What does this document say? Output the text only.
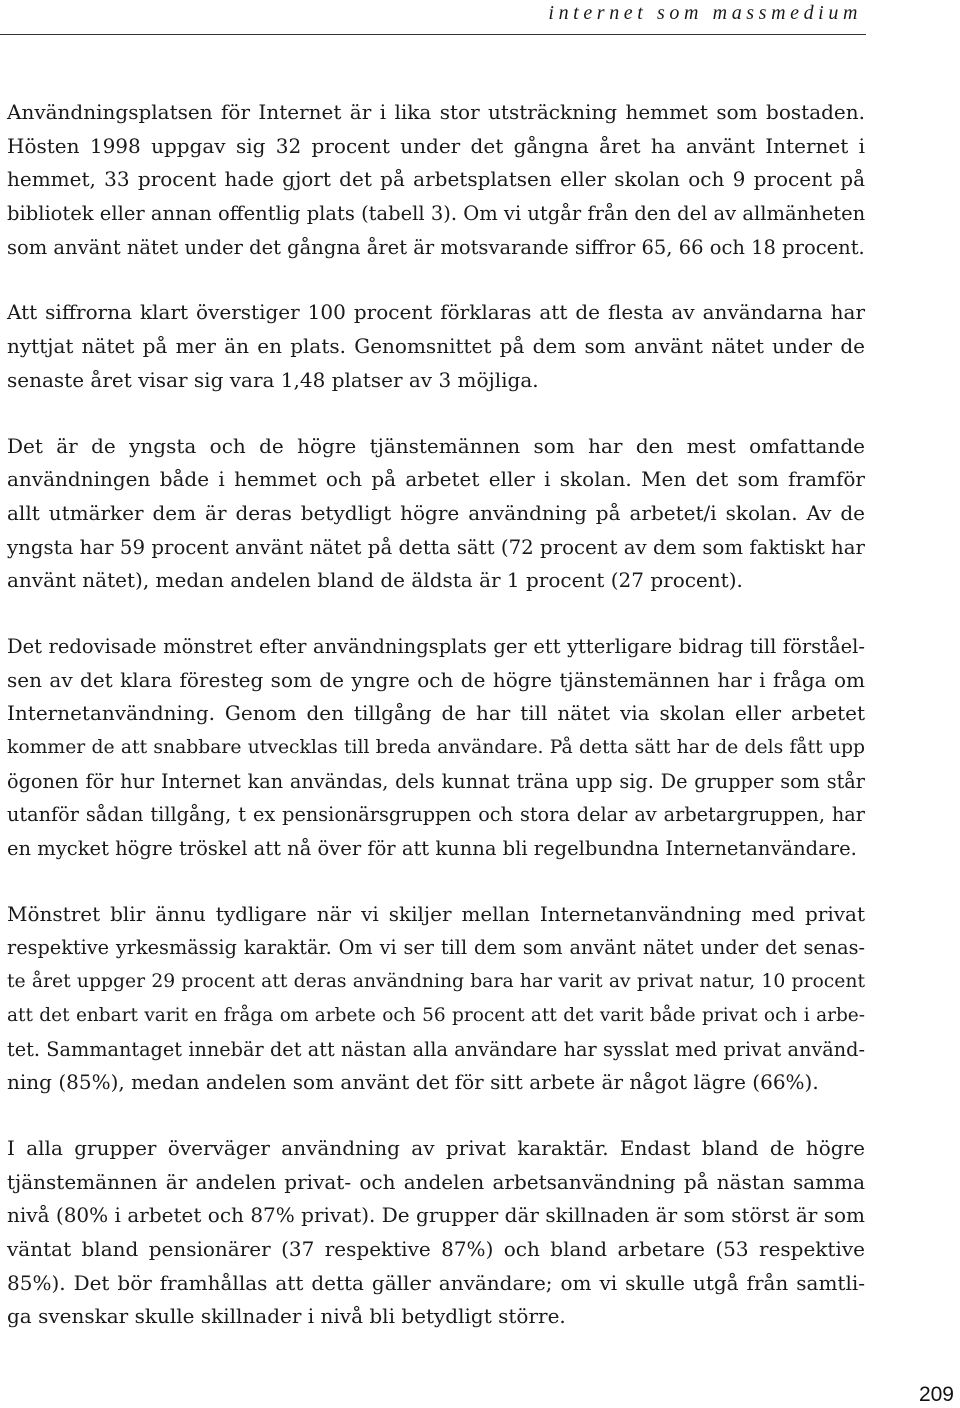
internet som massmedium

Användningsplatsen för Internet är i lika stor utsträckning hemmet som bostaden.
Hösten 1998 uppgav sig 32 procent under det gångna året ha använt Internet i
hemmet, 33 procent hade gjort det på arbetsplatsen eller skolan och 9 procent på
bibliotek eller annan offentlig plats (tabell 3). Om vi utgår från den del av allmänheten
som använt nätet under det gångna året är motsvarande siffror 65, 66 och 18 procent.

Att siffrorna klart överstiger 100 procent förklaras att de flesta av användarna har
nyttjat nätet på mer än en plats. Genomsnittet på dem som använt nätet under de
senaste året visar sig vara 1,48 platser av 3 möjliga.

Det är de yngsta och de högre tjänstemännen som har den mest omfattande
användningen både i hemmet och på arbetet eller i skolan. Men det som framför
allt utmärker dem är deras betydligt högre användning på arbetet/i skolan. Av de
yngsta har 59 procent använt nätet på detta sätt (72 procent av dem som faktiskt har
använt nätet), medan andelen bland de äldsta är 1 procent (27 procent).

Det redovisade mönstret efter användningsplats ger ett ytterligare bidrag till förståel-
sen av det klara föresteg som de yngre och de högre tjänstemännen har i fråga om
Internetanvändning. Genom den tillgång de har till nätet via skolan eller arbetet
kommer de att snabbare utvecklas till breda användare. På detta sätt har de dels fått upp
ögonen för hur Internet kan användas, dels kunnat träna upp sig. De grupper som står
utanför sådan tillgång, t ex pensionärsgruppen och stora delar av arbetargruppen, har
en mycket högre tröskel att nå över för att kunna bli regelbundna Internetanvändare.

Mönstret blir ännu tydligare när vi skiljer mellan Internetanvändning med privat
respektive yrkesmässig karaktär. Om vi ser till dem som använt nätet under det senas-
te året uppger 29 procent att deras användning bara har varit av privat natur, 10 procent
att det enbart varit en fråga om arbete och 56 procent att det varit både privat och i arbe-
tet. Sammantaget innebär det att nästan alla användare har sysslat med privat använd-
ning (85%), medan andelen som använt det för sitt arbete är något lägre (66%).

I alla grupper överväger användning av privat karaktär. Endast bland de högre
tjänstemännen är andelen privat- och andelen arbetsanvändning på nästan samma
nivå (80% i arbetet och 87% privat). De grupper där skillnaden är som störst är som
väntat bland pensionärer (37 respektive 87%) och bland arbetare (53 respektive
85%). Det bör framhållas att detta gäller användare; om vi skulle utgå från samtli-
ga svenskar skulle skillnader i nivå bli betydligt större.

209
